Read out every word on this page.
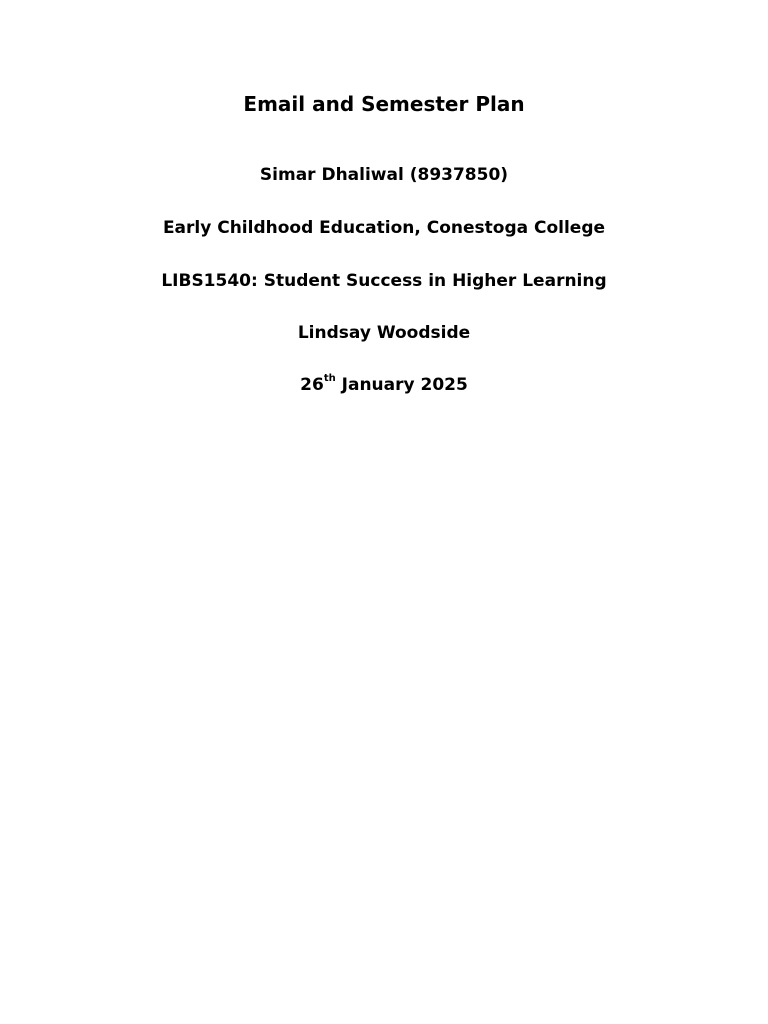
Email and Semester Plan
Simar Dhaliwal (8937850)
Early Childhood Education, Conestoga College
LIBS1540: Student Success in Higher Learning
Lindsay Woodside
26th January 2025
